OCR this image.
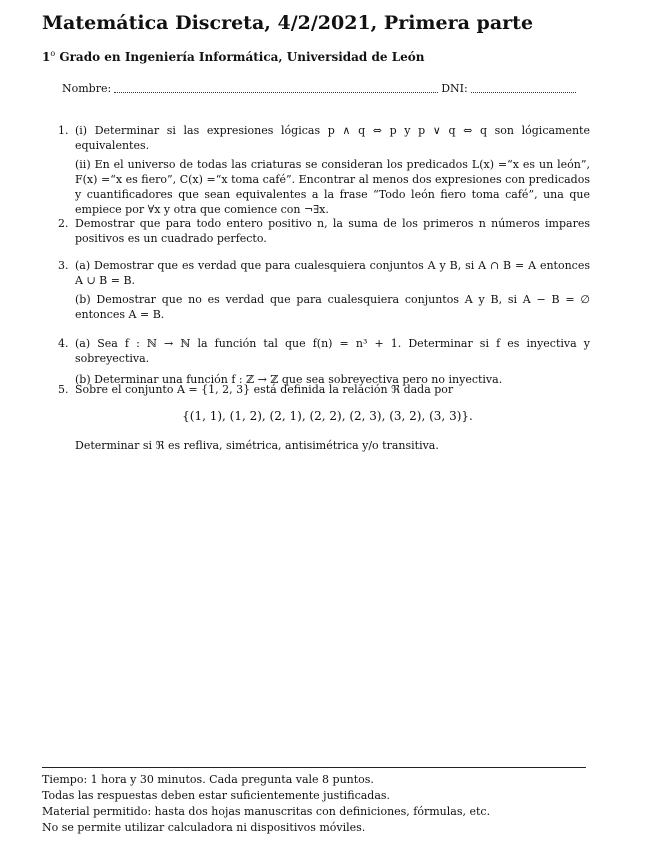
Matemática Discreta, 4/2/2021, Primera parte
1$^o$ Grado en Ingeniería Informática, Universidad de León
Nombre:	DNI:
1. (i) Determinar si las expresiones lógicas p ∧ q ⇔ p y p ∨ q ⇔ q son lógicamente equivalentes.

(ii) En el universo de todas las criaturas se consideran los predicados L(x) =“x es un león”, F(x) =“x es fiero”, C(x) =“x toma café”. Encontrar al menos dos expresiones con predicados y cuantificadores que sean equivalentes a la frase “Todo león fiero toma café”, una que empiece por ∀x y otra que comience con ¬∃x.

2. Demostrar que para todo entero positivo n, la suma de los primeros n números impares positivos es un cuadrado perfecto.

3. (a) Demostrar que es verdad que para cualesquiera conjuntos A y B, si A ∩ B = A entonces A ∪ B = B.

(b) Demostrar que no es verdad que para cualesquiera conjuntos A y B, si A − B = ∅ entonces A = B.

4. (a) Sea f : ℕ → ℕ la función tal que f(n) = n³ + 1. Determinar si f es inyectiva y sobreyectiva.

(b) Determinar una función f : ℤ → ℤ que sea sobreyectiva pero no inyectiva.

5. Sobre el conjunto A = {1, 2, 3} está definida la relación ℜ dada por

{(1, 1), (1, 2), (2, 1), (2, 2), (2, 3), (3, 2), (3, 3)}.

Determinar si ℜ es refliva, simétrica, antisimétrica y/o transitiva.

Tiempo: 1 hora y 30 minutos. Cada pregunta vale 8 puntos.
Todas las respuestas deben estar suficientemente justificadas.
Material permitido: hasta dos hojas manuscritas con definiciones, fórmulas, etc.
No se permite utilizar calculadora ni dispositivos móviles.
